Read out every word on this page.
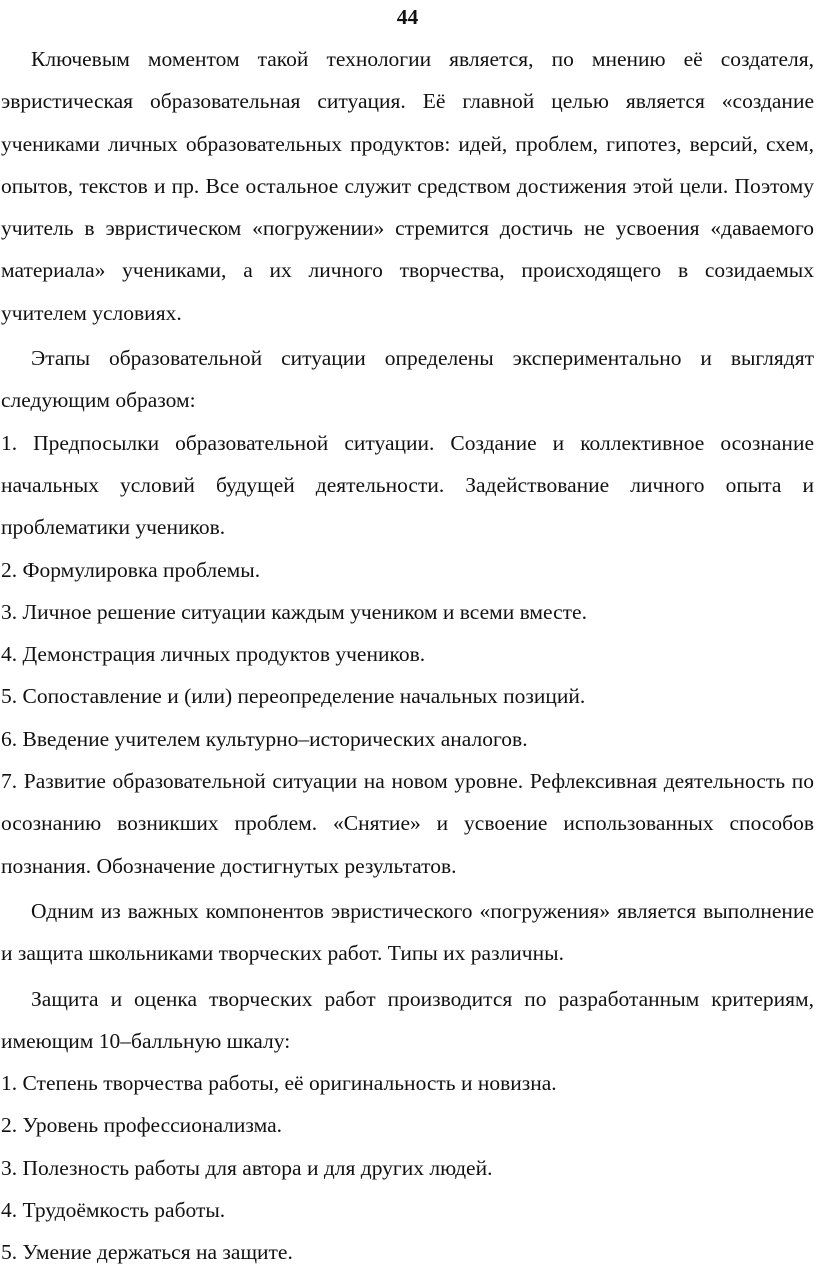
44

Ключевым моментом такой технологии является, по мнению её создателя, эвристическая образовательная ситуация. Её главной целью является «создание учениками личных образовательных продуктов: идей, проблем, гипотез, версий, схем, опытов, текстов и пр. Все остальное служит средством достижения этой цели. Поэтому учитель в эвристическом «погружении» стремится достичь не усвоения «даваемого материала» учениками, а их личного творчества, происходящего в созидаемых учителем условиях.

Этапы образовательной ситуации определены экспериментально и выглядят следующим образом:

1. Предпосылки образовательной ситуации. Создание и коллективное осознание начальных условий будущей деятельности. Задействование личного опыта и проблематики учеников.

2. Формулировка проблемы.

3. Личное решение ситуации каждым учеником и всеми вместе.

4. Демонстрация личных продуктов учеников.

5. Сопоставление и (или) переопределение начальных позиций.

6. Введение учителем культурно–исторических аналогов.

7. Развитие образовательной ситуации на новом уровне. Рефлексивная деятельность по осознанию возникших проблем. «Снятие» и усвоение использованных способов познания. Обозначение достигнутых результатов.

Одним из важных компонентов эвристического «погружения» является выполнение и защита школьниками творческих работ. Типы их различны.

Защита и оценка творческих работ производится по разработанным критериям, имеющим 10–балльную шкалу:

1. Степень творчества работы, её оригинальность и новизна.

2. Уровень профессионализма.

3. Полезность работы для автора и для других людей.

4. Трудоёмкость работы.

5. Умение держаться на защите.
